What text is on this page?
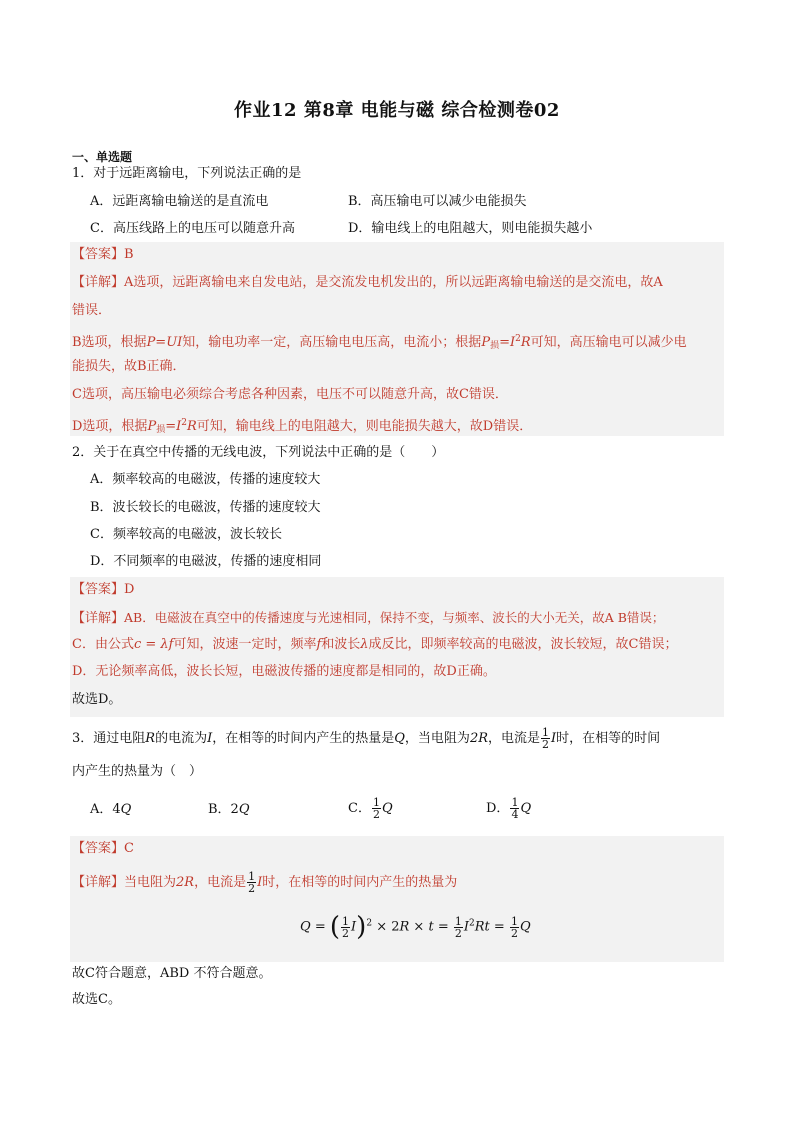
作业12 第8章 电能与磁 综合检测卷02
一、单选题
1．对于远距离输电，下列说法正确的是
A．远距离输电输送的是直流电	B．高压输电可以减少电能损失
C．高压线路上的电压可以随意升高	D．输电线上的电阻越大，则电能损失越小
【答案】B
【详解】A选项，远距离输电来自发电站，是交流发电机发出的，所以远距离输电输送的是交流电，故A
错误．
B选项，根据P=UI知，输电功率一定，高压输电电压高，电流小；根据$P_损=I^2R$可知，高压输电可以减少电
能损失，故B正确．
C选项，高压输电必须综合考虑各种因素，电压不可以随意升高，故C错误．
D选项，根据$P_损=I^2R$可知，输电线上的电阻越大，则电能损失越大，故D错误．
2．关于在真空中传播的无线电波，下列说法中正确的是（　　）
A．频率较高的电磁波，传播的速度较大
B．波长较长的电磁波，传播的速度较大
C．频率较高的电磁波，波长较长
D．不同频率的电磁波，传播的速度相同
【答案】D
【详解】AB．电磁波在真空中的传播速度与光速相同，保持不变，与频率、波长的大小无关，故A B错误；
C．由公式c = λf可知，波速一定时，频率f和波长λ成反比，即频率较高的电磁波，波长较短，故C错误；
D．无论频率高低，波长长短，电磁波传播的速度都是相同的，故D正确。
故选D。
3．通过电阻R的电流为I，在相等的时间内产生的热量是Q，当电阻为2R，电流是 $\frac{1}{2}$ I时，在相等的时间
内产生的热量为（　）
A．4Q	B．2Q	C． $\frac{1}{2}$ Q	D． $\frac{1}{4}$ Q
【答案】C
【详解】当电阻为2R，电流是 $\frac{1}{2}$ I时，在相等的时间内产生的热量为
Q = ( $\frac{1}{2} I)^2 \times 2R \times t = \frac{1}{2} I^2Rt = \frac{1}{2}$ Q
故C符合题意，ABD 不符合题意。
故选C。
